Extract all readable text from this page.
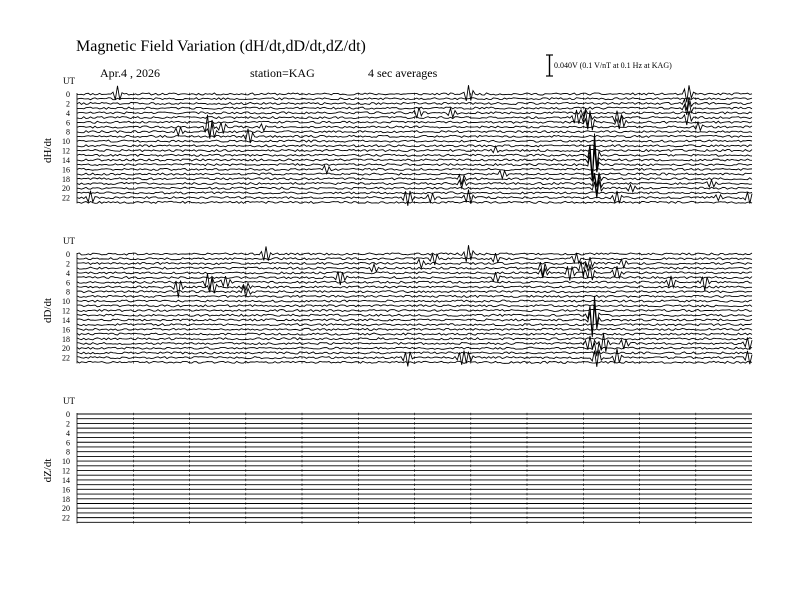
Magnetic Field Variation (dH/dt,dD/dt,dZ/dt)
Apr.4 , 2026	station=KAG	4 sec averages
0.040V (0.1 V/nT at 0.1 Hz at KAG)
UT
dH/dt
0
2
4
6
8
10
12
14
16
18
20
22
UT
dD/dt
0
2
4
6
8
10
12
14
16
18
20
22
UT
dZ/dt
0
2
4
6
8
10
12
14
16
18
20
22
